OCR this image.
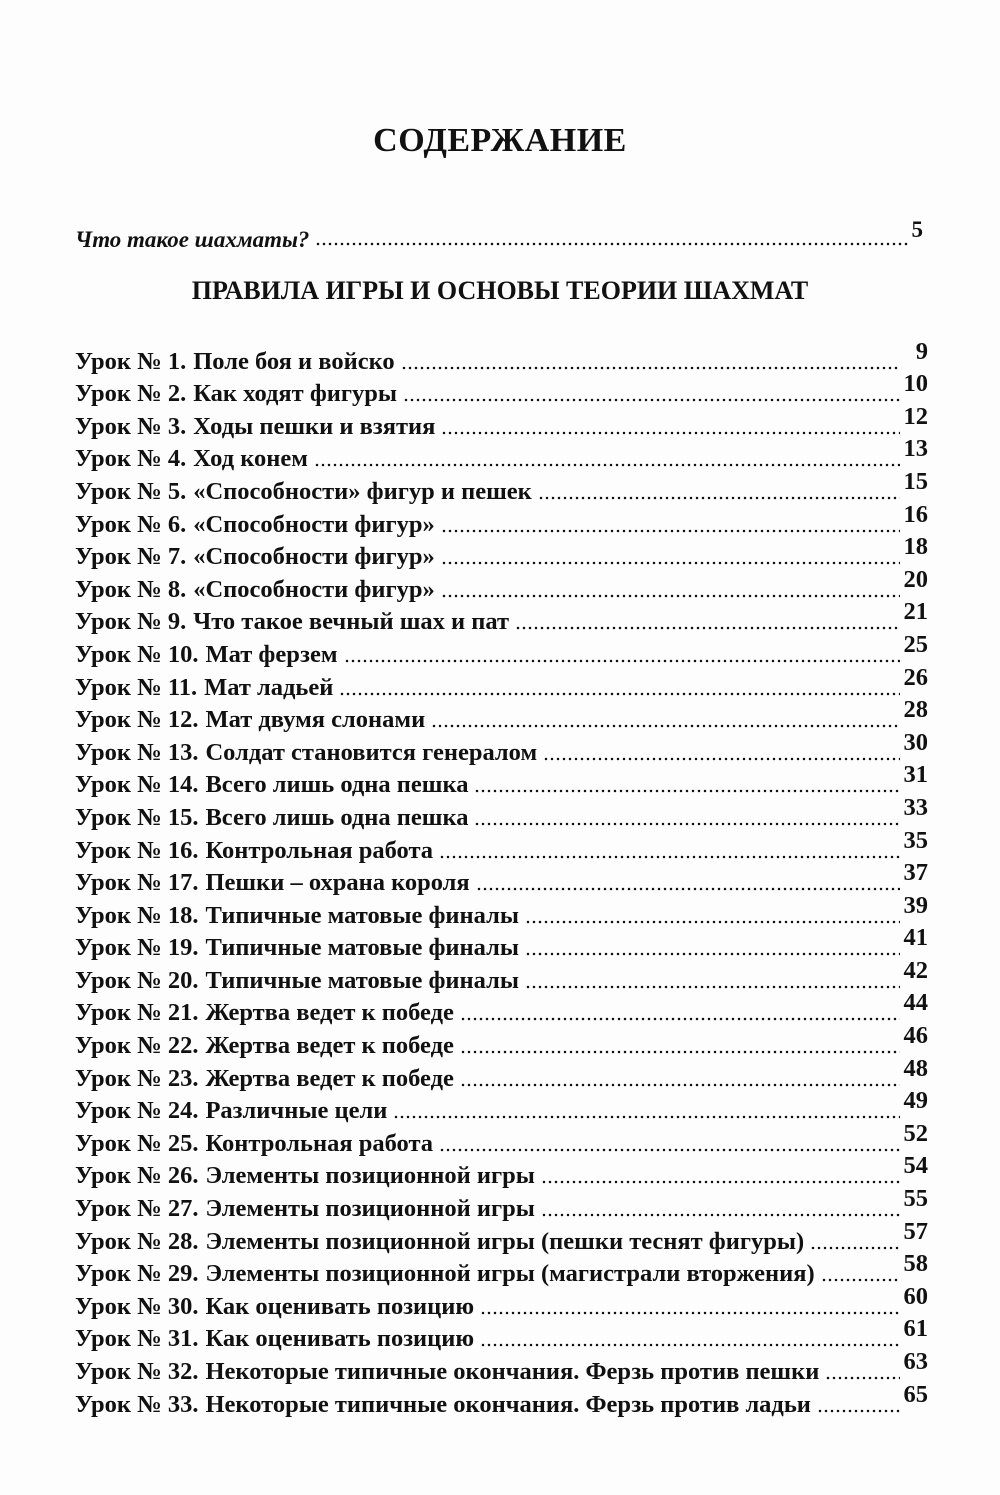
СОДЕРЖАНИЕ
Что такое шахматы?	5
ПРАВИЛА ИГРЫ И ОСНОВЫ ТЕОРИИ ШАХМАТ
Урок № 1. Поле боя и войско	9
Урок № 2. Как ходят фигуры	10
Урок № 3. Ходы пешки и взятия	12
Урок № 4. Ход конем	13
Урок № 5. «Способности» фигур и пешек	15
Урок № 6. «Способности фигур»	16
Урок № 7. «Способности фигур»	18
Урок № 8. «Способности фигур»	20
Урок № 9. Что такое вечный шах и пат	21
Урок № 10. Мат ферзем	25
Урок № 11. Мат ладьей	26
Урок № 12. Мат двумя слонами	28
Урок № 13. Солдат становится генералом	30
Урок № 14. Всего лишь одна пешка	31
Урок № 15. Всего лишь одна пешка	33
Урок № 16. Контрольная работа	35
Урок № 17. Пешки – охрана короля	37
Урок № 18. Типичные матовые финалы	39
Урок № 19. Типичные матовые финалы	41
Урок № 20. Типичные матовые финалы	42
Урок № 21. Жертва ведет к победе	44
Урок № 22. Жертва ведет к победе	46
Урок № 23. Жертва ведет к победе	48
Урок № 24. Различные цели	49
Урок № 25. Контрольная работа	52
Урок № 26. Элементы позиционной игры	54
Урок № 27. Элементы позиционной игры	55
Урок № 28. Элементы позиционной игры (пешки теснят фигуры)	57
Урок № 29. Элементы позиционной игры (магистрали вторжения)	58
Урок № 30. Как оценивать позицию	60
Урок № 31. Как оценивать позицию	61
Урок № 32. Некоторые типичные окончания. Ферзь против пешки	63
Урок № 33. Некоторые типичные окончания. Ферзь против ладьи	65
